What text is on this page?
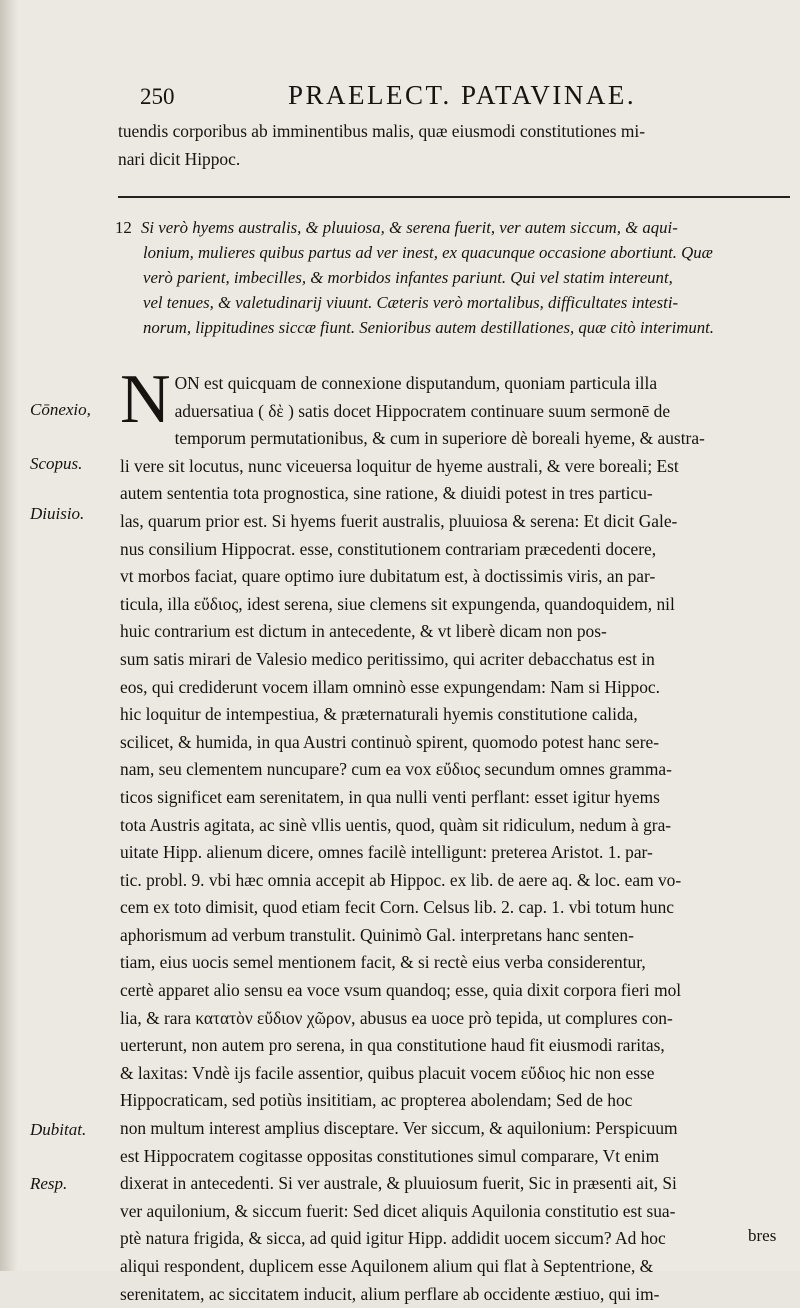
250	PRAELECT. PATAVINAE.
tuendis corporibus ab imminentibus malis, quæ eiusmodi constitutiones mi-
nari dicit Hippoc.
12 Si verò hyems australis, & pluuiosa, & serena fuerit, ver autem siccum, & aqui-
lonium, mulieres quibus partus ad ver inest, ex quacunque occasione abortiunt. Quæ
verò parient, imbecilles, & morbidos infantes pariunt. Qui vel statim intereunt,
vel tenues, & valetudinarij viuunt. Cæteris verò mortalibus, difficultates intesti-
norum, lippitudines siccæ fiunt. Senioribus autem destillationes, quæ citò interimunt.
N ON est quicquam de connexione disputandum, quoniam particula illa
aduersatiua ( δὲ ) satis docet Hippocratem continuare suum sermonē de
temporum permutationibus, & cum in superiore dè boreali hyeme, & austra-
li vere sit locutus, nunc viceuersa loquitur de hyeme australi, & vere boreali; Est
autem sententia tota prognostica, sine ratione, & diuidi potest in tres particu-
las, quarum prior est. Si hyems fuerit australis, pluuiosa & serena: Et dicit Gale-
nus consilium Hippocrat. esse, constitutionem contrariam præcedenti docere,
vt morbos faciat, quare optimo iure dubitatum est, à doctissimis viris, an par-
ticula, illa εὔδιος, idest serena, siue clemens sit expungenda, quandoquidem, nil
huic contrarium est dictum in antecedente, & vt liberè dicam non pos-
sum satis mirari de Valesio medico peritissimo, qui acriter debacchatus est in
eos, qui crediderunt vocem illam omninò esse expungendam: Nam si Hippoc.
hic loquitur de intempestiua, & præternaturali hyemis constitutione calida,
scilicet, & humida, in qua Austri continuò spirent, quomodo potest hanc sere-
nam, seu clementem nuncupare? cum ea vox εὔδιος secundum omnes gramma-
ticos significet eam serenitatem, in qua nulli venti perflant: esset igitur hyems
tota Austris agitata, ac sinè vllis uentis, quod, quàm sit ridiculum, nedum à gra-
uitate Hipp. alienum dicere, omnes facilè intelligunt: preterea Aristot. 1. par-
tic. probl. 9. vbi hæc omnia accepit ab Hippoc. ex lib. de aere aq. & loc. eam vo-
cem ex toto dimisit, quod etiam fecit Corn. Celsus lib. 2. cap. 1. vbi totum hunc
aphorismum ad verbum transtulit. Quinimò Gal. interpretans hanc senten-
tiam, eius uocis semel mentionem facit, & si rectè eius verba considerentur,
certè apparet alio sensu ea voce vsum quandoq; esse, quia dixit corpora fieri mol
lia, & rara κατατὸν εὔδιον χῶρον, abusus ea uoce prò tepida, ut complures con-
uerterunt, non autem pro serena, in qua constitutione haud fit eiusmodi raritas,
& laxitas: Vndè ijs facile assentior, quibus placuit vocem εὔδιος hic non esse
Hippocraticam, sed potiùs insititiam, ac propterea abolendam; Sed de hoc
non multum interest amplius disceptare. Ver siccum, & aquilonium: Perspicuum
est Hippocratem cogitasse oppositas constitutiones simul comparare, Vt enim
dixerat in antecedenti. Si ver australe, & pluuiosum fuerit, Sic in præsenti ait, Si
ver aquilonium, & siccum fuerit: Sed dicet aliquis Aquilonia constitutio est sua-
ptè natura frigida, & sicca, ad quid igitur Hipp. addidit uocem siccum? Ad hoc
aliqui respondent, duplicem esse Aquilonem alium qui flat à Septentrione, &
serenitatem, ac siccitatem inducit, alium perflare ab occidente æstiuo, qui im-
Cōnexio,
Scopus.
Diuisio.
Dubitat.
Resp.
bres
